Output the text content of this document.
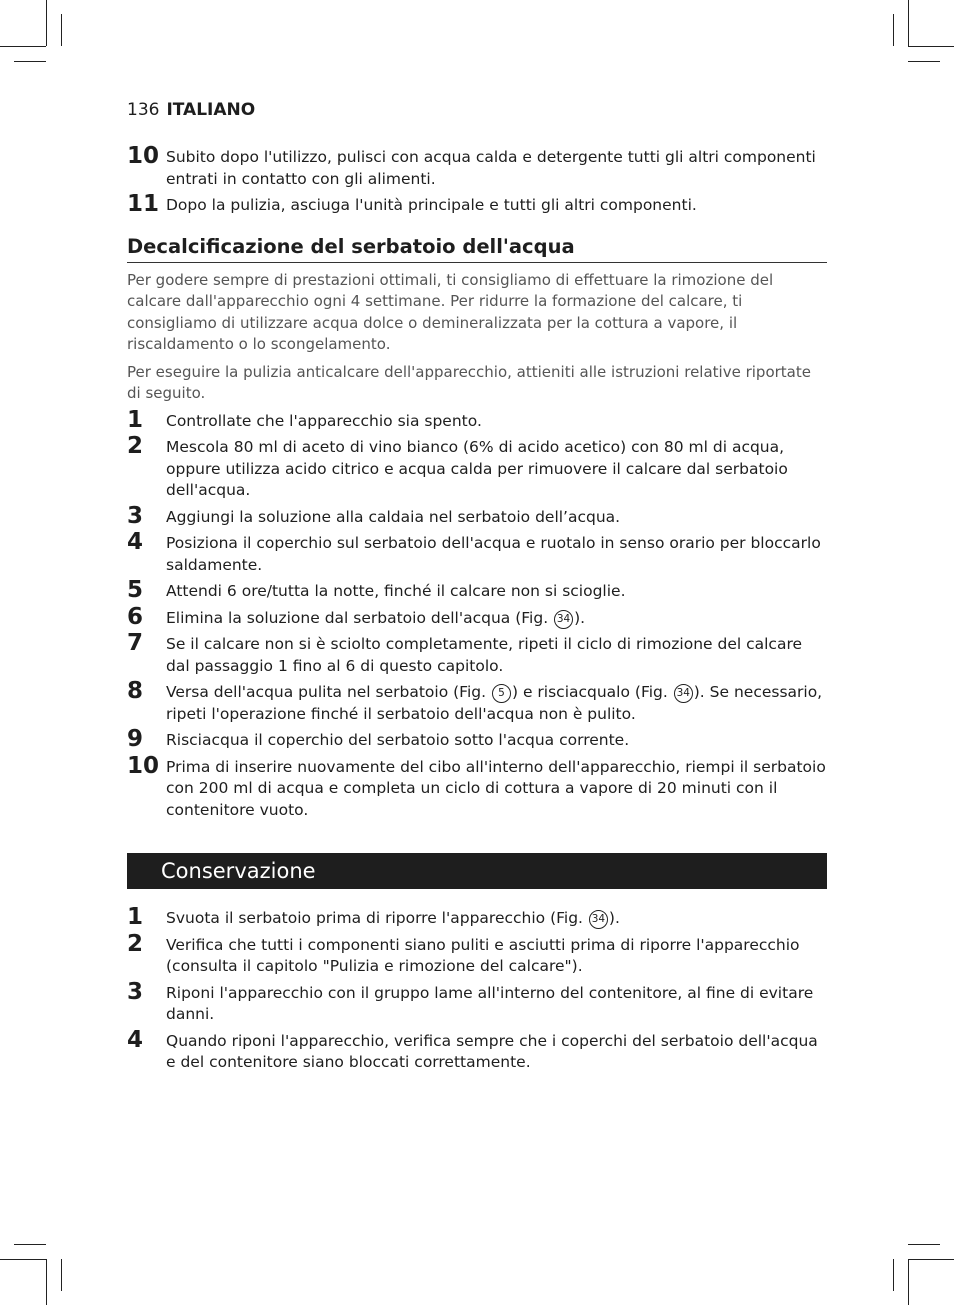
136 ITALIANO
10 Subito dopo l'utilizzo, pulisci con acqua calda e detergente tutti gli altri componenti entrati in contatto con gli alimenti.
11 Dopo la pulizia, asciuga l'unità principale e tutti gli altri componenti.
Decalcificazione del serbatoio dell'acqua

Per godere sempre di prestazioni ottimali, ti consigliamo di effettuare la rimozione del calcare dall'apparecchio ogni 4 settimane. Per ridurre la formazione del calcare, ti consigliamo di utilizzare acqua dolce o demineralizzata per la cottura a vapore, il riscaldamento o lo scongelamento.

Per eseguire la pulizia anticalcare dell'apparecchio, attieniti alle istruzioni relative riportate di seguito.

1	Controllate che l'apparecchio sia spento.
2	Mescola 80 ml di aceto di vino bianco (6% di acido acetico) con 80 ml di acqua, oppure utilizza acido citrico e acqua calda per rimuovere il calcare dal serbatoio dell'acqua.
3	Aggiungi la soluzione alla caldaia nel serbatoio dell’acqua.
4	Posiziona il coperchio sul serbatoio dell'acqua e ruotalo in senso orario per bloccarlo saldamente.
5	Attendi 6 ore/tutta la notte, finché il calcare non si scioglie.
6	Elimina la soluzione dal serbatoio dell'acqua (Fig. 34 ).
7	Se il calcare non si è sciolto completamente, ripeti il ciclo di rimozione del calcare dal passaggio 1 fino al 6 di questo capitolo.
8	Versa dell'acqua pulita nel serbatoio (Fig. 5 ) e risciacqualo (Fig. 34 ). Se necessario, ripeti l'operazione finché il serbatoio dell'acqua non è pulito.
9	Risciacqua il coperchio del serbatoio sotto l'acqua corrente.
10 Prima di inserire nuovamente del cibo all'interno dell'apparecchio, riempi il serbatoio con 200 ml di acqua e completa un ciclo di cottura a vapore di 20 minuti con il contenitore vuoto.
Conservazione
1	Svuota il serbatoio prima di riporre l'apparecchio (Fig. 34 ).
2	Verifica che tutti i componenti siano puliti e asciutti prima di riporre l'apparecchio (consulta il capitolo "Pulizia e rimozione del calcare").
3	Riponi l'apparecchio con il gruppo lame all'interno del contenitore, al fine di evitare danni.
4	Quando riponi l'apparecchio, verifica sempre che i coperchi del serbatoio dell'acqua e del contenitore siano bloccati correttamente.
